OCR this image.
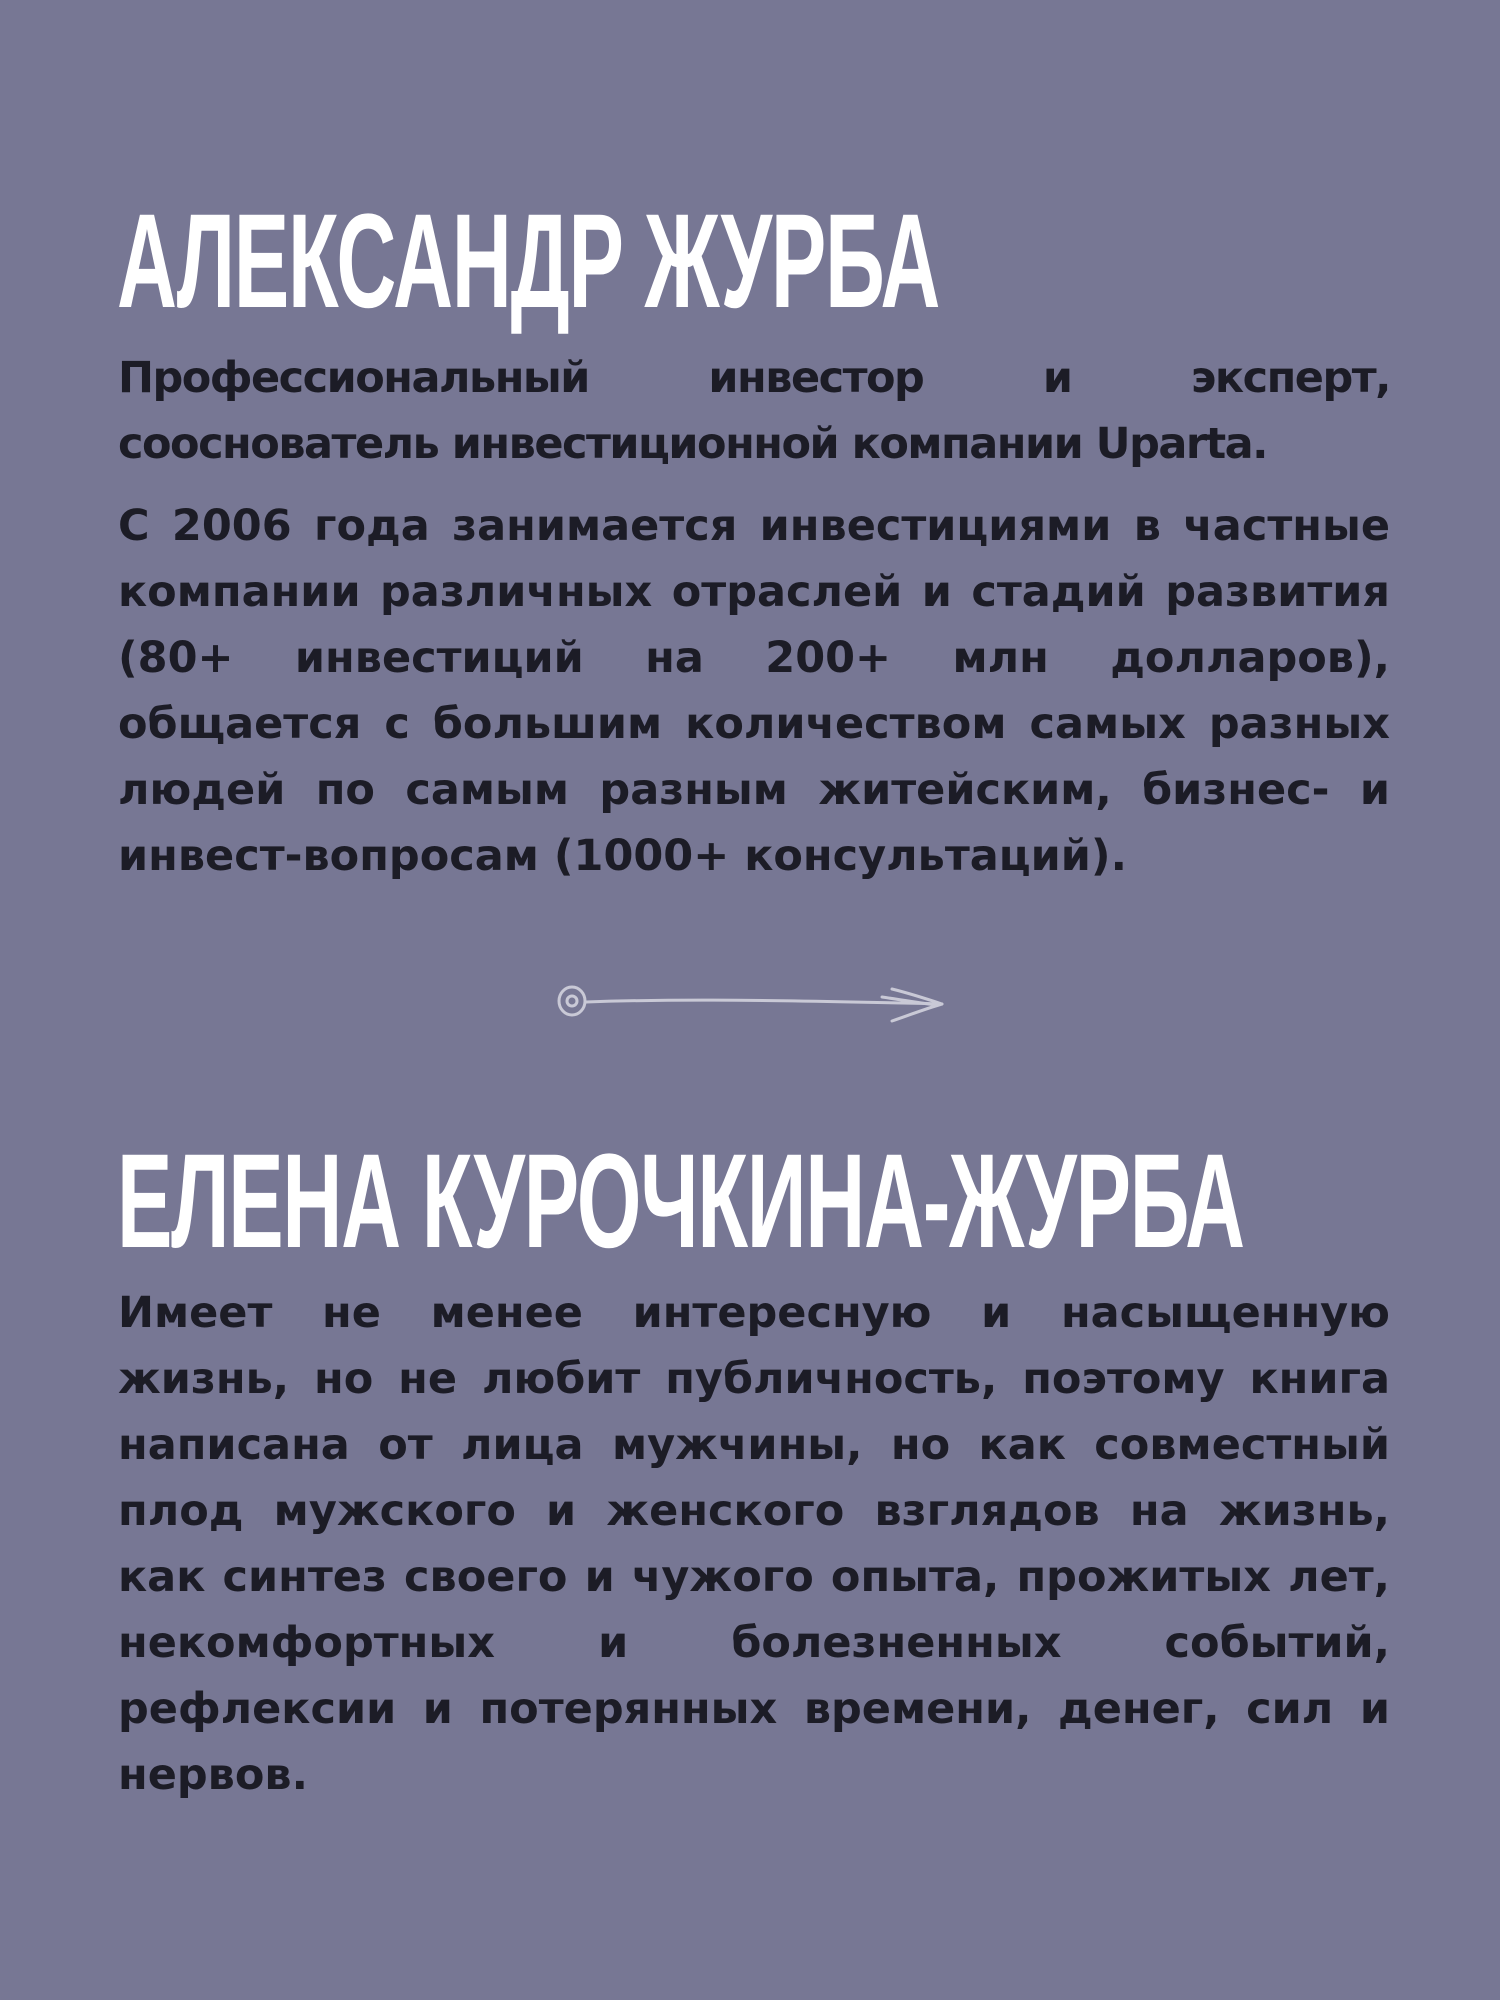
АЛЕКСАНДР ЖУРБА

Профессиональный инвестор и эксперт, сооснователь инвестиционной компании Uparta.

С 2006 года занимается инвестициями в частные компании различных отраслей и стадий развития (80+ инвестиций на 200+ млн долларов), общается с большим количеством самых разных людей по самым разным житейским, бизнес- и инвест-вопросам (1000+ консультаций).

ЕЛЕНА КУРОЧКИНА-ЖУРБА

Имеет не менее интересную и насыщенную жизнь, но не любит публичность, поэтому книга написана от лица мужчины, но как совместный плод мужского и женского взглядов на жизнь, как синтез своего и чужого опыта, прожитых лет, некомфортных и болезненных событий, рефлексии и потерянных времени, денег, сил и нервов.
